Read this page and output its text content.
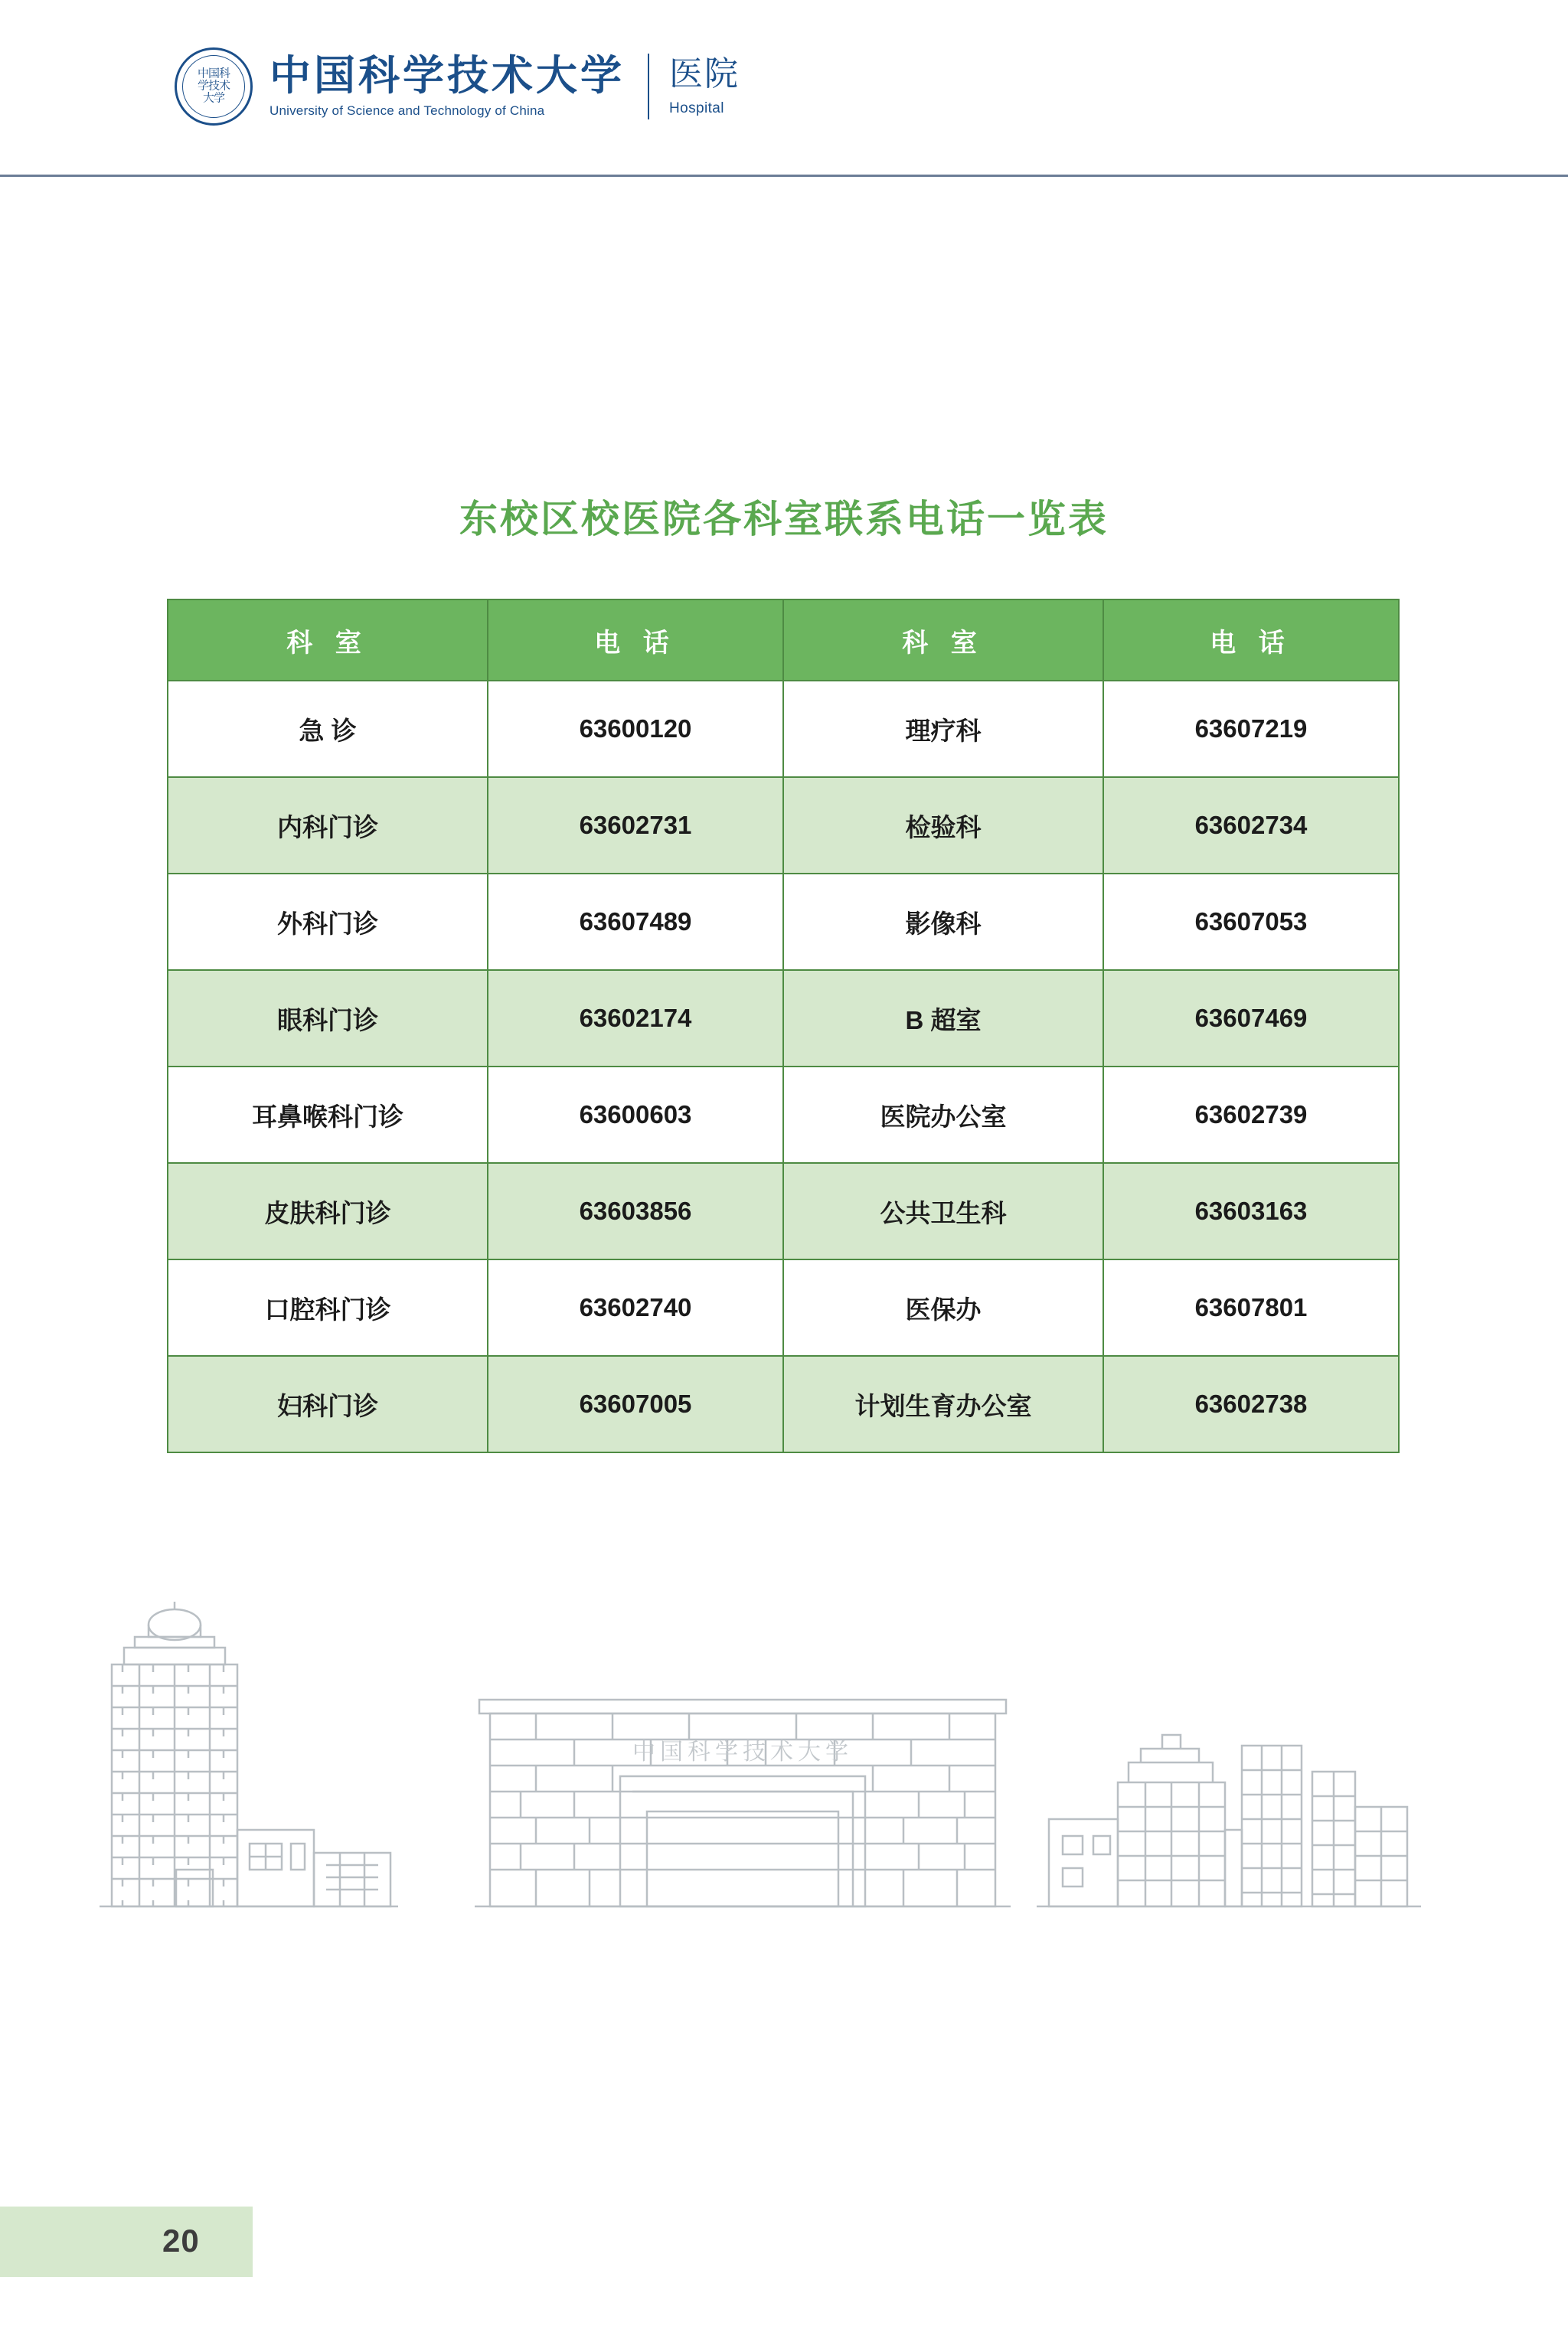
中国科学技术大学 中国科学技术大学
University of Science and Technology of China
医院
Hospital
东校区校医院各科室联系电话一览表
科 室	电 话	科 室	电 话
急 诊	63600120	理疗科	63607219
内科门诊	63602731	检验科	63602734
外科门诊	63607489	影像科	63607053
眼科门诊	63602174	B 超室	63607469
耳鼻喉科门诊	63600603	医院办公室	63602739
皮肤科门诊	63603856	公共卫生科	63603163
口腔科门诊	63602740	医保办	63607801
妇科门诊	63607005	计划生育办公室	63602738
中国科学技术大学
20
